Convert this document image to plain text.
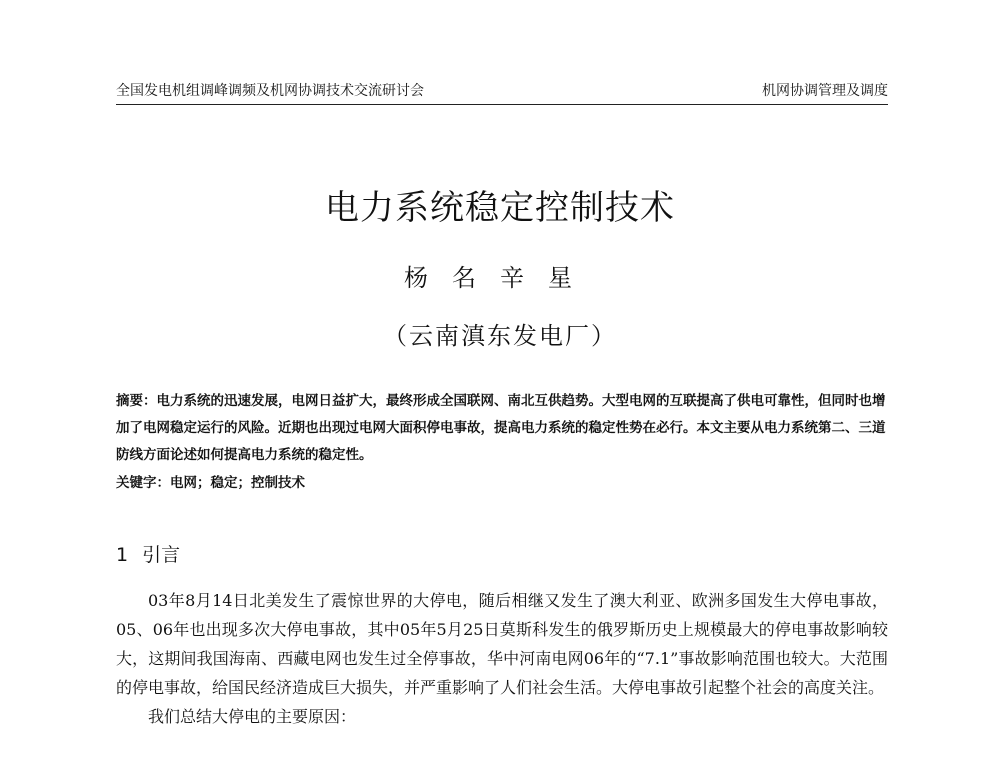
全国发电机组调峰调频及机网协调技术交流研讨会	机网协调管理及调度
电力系统稳定控制技术
杨名辛星
（云南滇东发电厂）
摘要：电力系统的迅速发展，电网日益扩大，最终形成全国联网、南北互供趋势。大型电网的互联提高了供电可靠性，但同时也增加了电网稳定运行的风险。近期也出现过电网大面积停电事故，提高电力系统的稳定性势在必行。本文主要从电力系统第二、三道防线方面论述如何提高电力系统的稳定性。
关键字：电网；稳定；控制技术
1 引言

03年8月14日北美发生了震惊世界的大停电，随后相继又发生了澳大利亚、欧洲多国发生大停电事故，05、06年也出现多次大停电事故，其中05年5月25日莫斯科发生的俄罗斯历史上规模最大的停电事故影响较大，这期间我国海南、西藏电网也发生过全停事故，华中河南电网06年的“7.1”事故影响范围也较大。大范围的停电事故，给国民经济造成巨大损失，并严重影响了人们社会生活。大停电事故引起整个社会的高度关注。

我们总结大停电的主要原因：
